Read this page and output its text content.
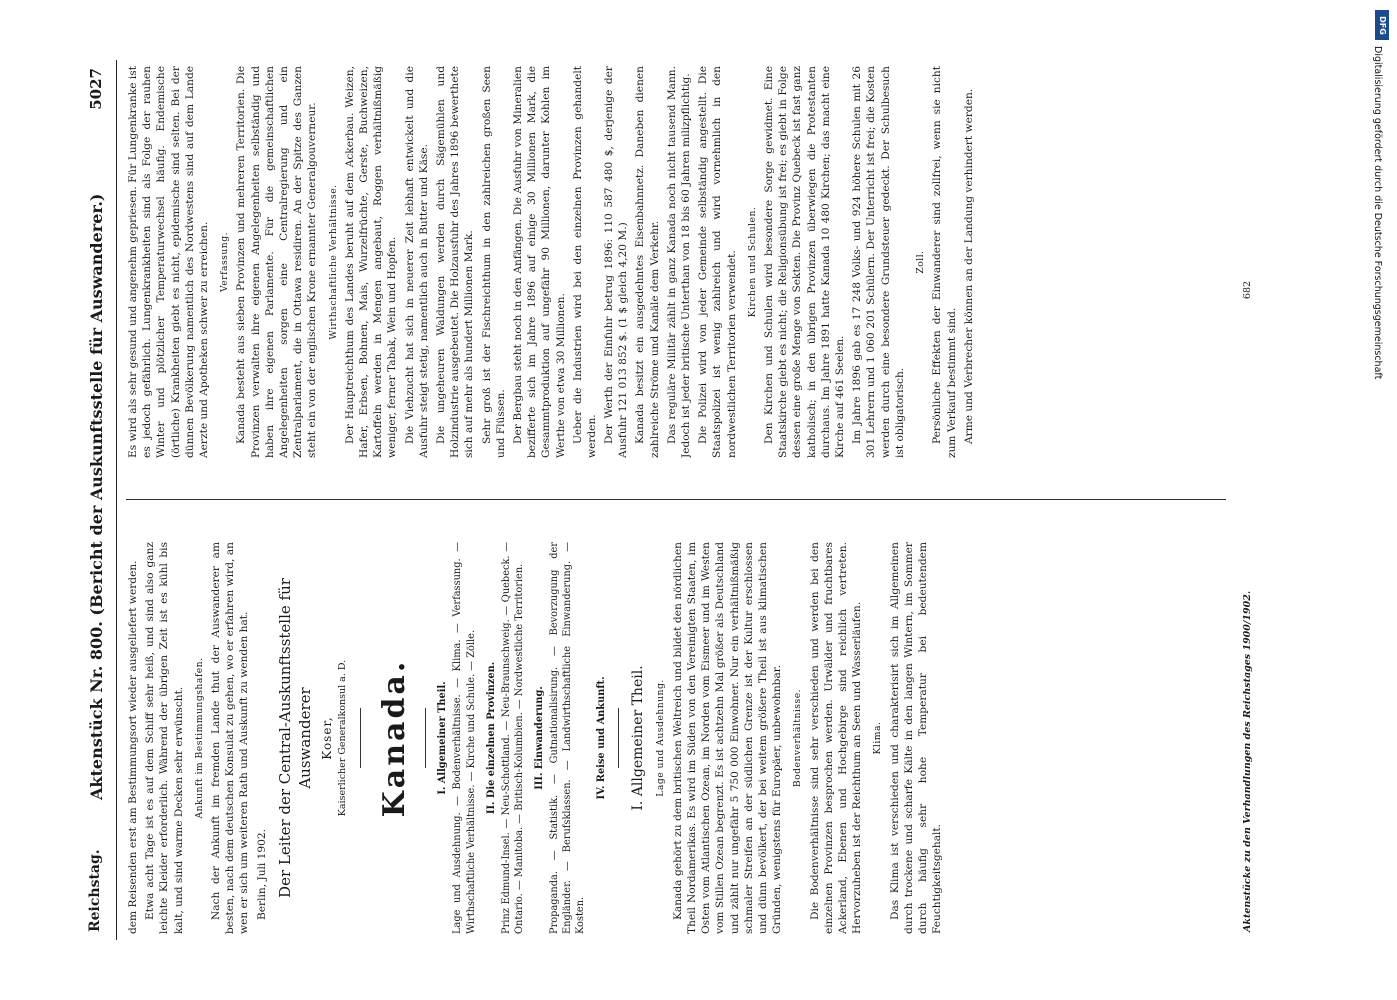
Reichstag.
Aktenstück Nr. 800. (Bericht der Auskunftsstelle für Auswanderer.)
5027

dem Reisenden erst am Bestimmungsort wieder ausgeliefert werden. Etwa acht Tage ist es auf dem Schiff sehr heiß, und sind also ganz leichte Kleider erforderlich. Während der übrigen Zeit ist es kühl bis kalt, und sind warme Decken sehr erwünscht. Ankunft im Bestimmungshafen. Nach der Ankunft im fremden Lande thut der Auswanderer am besten, nach dem deutschen Konsulat zu gehen, wo er erfahren wird, an wen er sich um weiteren Rath und Auskunft zu wenden hat. Berlin, Juli 1902. Der Leiter der Central-Auskunftsstelle für Auswanderer Koser, Kaiserlicher Generalkonsul a. D. Kanada.	I. Allgemeiner Theil. Lage und Ausdehnung. — Bodenverhältnisse. — Klima. — Verfassung. — Wirthschaftliche Verhältnisse. — Kirche und Schule. — Zölle. II. Die einzelnen Provinzen. Prinz Edmund-Insel. — Neu-Schottland. — Neu-Braunschweig. — Quebeck. — Ontario. — Manitoba. — Britisch-Kolumbien. — Nordwestliche Territorien. III. Einwanderung. Propaganda. — Statistik. — Gutnationalisirung. — Bevorzugung der Engländer. — Berufsklassen. — Landwirthschaftliche Einwanderung. — Kosten.

IV. Reise und Ankunft. I. Allgemeiner Theil. Lage und Ausdehnung. Kanada gehört zu dem britischen Weltreich und bildet den nördlichen Theil Nordamerikas. Es wird im Süden von den Vereinigten Staaten, im Osten vom Atlantischen Ozean, im Norden vom Eismeer und im Westen vom Stillen Ozean begrenzt. Es ist achtzehn Mal größer als Deutschland und zählt nur ungefähr 5 750 000 Einwohner. Nur ein verhältnißmäßig schmaler Streifen an der südlichen Grenze ist der Kultur erschlossen und dünn bevölkert, der bei weitem größere Theil ist aus klimatischen Gründen, wenigstens für Europäer, unbewohnbar. Bodenverhältnisse. Die Bodenverhältnisse sind sehr verschieden und werden bei den einzelnen Provinzen besprochen werden. Urwälder und fruchtbares Ackerland, Ebenen und Hochgebirge sind reichlich vertreten. Hervorzuheben ist der Reichthum an Seen und Wasserläufen. Klima. Das Klima ist verschieden und charakterisirt sich im Allgemeinen durch trockene und scharfe Kälte in den langen Wintern, im Sommer durch häufig sehr hohe Temperatur bei bedeutendem Feuchtigkeitsgehalt.

Es wird als sehr gesund und angenehm gepriesen. Für Lungenkranke ist es jedoch gefährlich. Lungenkrankheiten sind als Folge der rauhen Winter und plötzlicher Temperaturwechsel häufig. Endemische (örtliche) Krankheiten giebt es nicht, epidemische sind selten. Bei der dünnen Bevölkerung namentlich des Nordwestens sind auf dem Lande Aerzte und Apotheken schwer zu erreichen. Verfassung. Kanada besteht aus sieben Provinzen und mehreren Territorien. Die Provinzen verwalten ihre eigenen Angelegenheiten selbständig und haben ihre eigenen Parlamente. Für die gemeinschaftlichen Angelegenheiten sorgen eine Centralregierung und ein Zentralparlament, die in Ottawa residiren. An der Spitze des Ganzen steht ein von der englischen Krone ernannter Generalgouverneur. Wirthschaftliche Verhältnisse. Der Hauptreichthum des Landes beruht auf dem Ackerbau. Weizen, Hafer, Erbsen, Bohnen, Mais, Wurzelfrüchte, Gerste, Buchweizen, Kartoffeln werden in Mengen angebaut, Roggen verhältnißmäßig weniger, ferner Tabak, Wein und Hopfen. Die Viehzucht hat sich in neuerer Zeit lebhaft entwickelt und die Ausfuhr steigt stetig, namentlich auch in Butter und Käse. Die ungeheuren Waldungen werden durch Sägemühlen und Holzindustrie ausgebeutet. Die Holzausfuhr des Jahres 1896 bewerthete sich auf mehr als hundert Millionen Mark. Sehr groß ist der Fischreichthum in den zahlreichen großen Seen und Flüssen. Der Bergbau steht noch in den Anfängen. Die Ausfuhr von Mineralien bezifferte sich im Jahre 1896 auf einige 30 Millionen Mark, die Gesammtproduktion auf ungefähr 90 Millionen, darunter Kohlen im Werthe von etwa 30 Millionen. Ueber die Industrien wird bei den einzelnen Provinzen gehandelt werden. Der Werth der Einfuhr betrug 1896: 110 587 480 $, derjenige der Ausfuhr 121 013 852 $. (1 $ gleich 4,20 M.) Kanada besitzt ein ausgedehntes Eisenbahnnetz. Daneben dienen zahlreiche Ströme und Kanäle dem Verkehr. Das reguläre Militär zählt in ganz Kanada noch nicht tausend Mann. Jedoch ist jeder britische Unterthan von 18 bis 60 Jahren milizpflichtig. Die Polizei wird von jeder Gemeinde selbständig angestellt. Die Staatspolizei ist wenig zahlreich und wird vornehmlich in den nordwestlichen Territorien verwendet. Kirchen und Schulen. Den Kirchen und Schulen wird besondere Sorge gewidmet. Eine Staatskirche giebt es nicht; die Religionsübung ist frei; es giebt in Folge dessen eine große Menge von Sekten. Die Provinz Quebeck ist fast ganz katholisch; in den übrigen Provinzen überwiegen die Protestanten durchaus. Im Jahre 1891 hatte Kanada 10 480 Kirchen; das macht eine Kirche auf 461 Seelen. Im Jahre 1896 gab es 17 248 Volks- und 924 höhere Schulen mit 26 301 Lehrern und 1 060 201 Schülern. Der Unterricht ist frei; die Kosten werden durch eine besondere Grundsteuer gedeckt. Der Schulbesuch ist obligatorisch.

Zoll. Persönliche Effekten der Einwanderer sind zollfrei, wenn sie nicht zum Verkauf bestimmt sind. Arme und Verbrecher können an der Landung verhindert werden.

Aktenstücke zu den Verhandlungen des Reichstages 1900/1902.
682
DFG
Digitalisierung gefördert durch die Deutsche Forschungsgemeinschaft
